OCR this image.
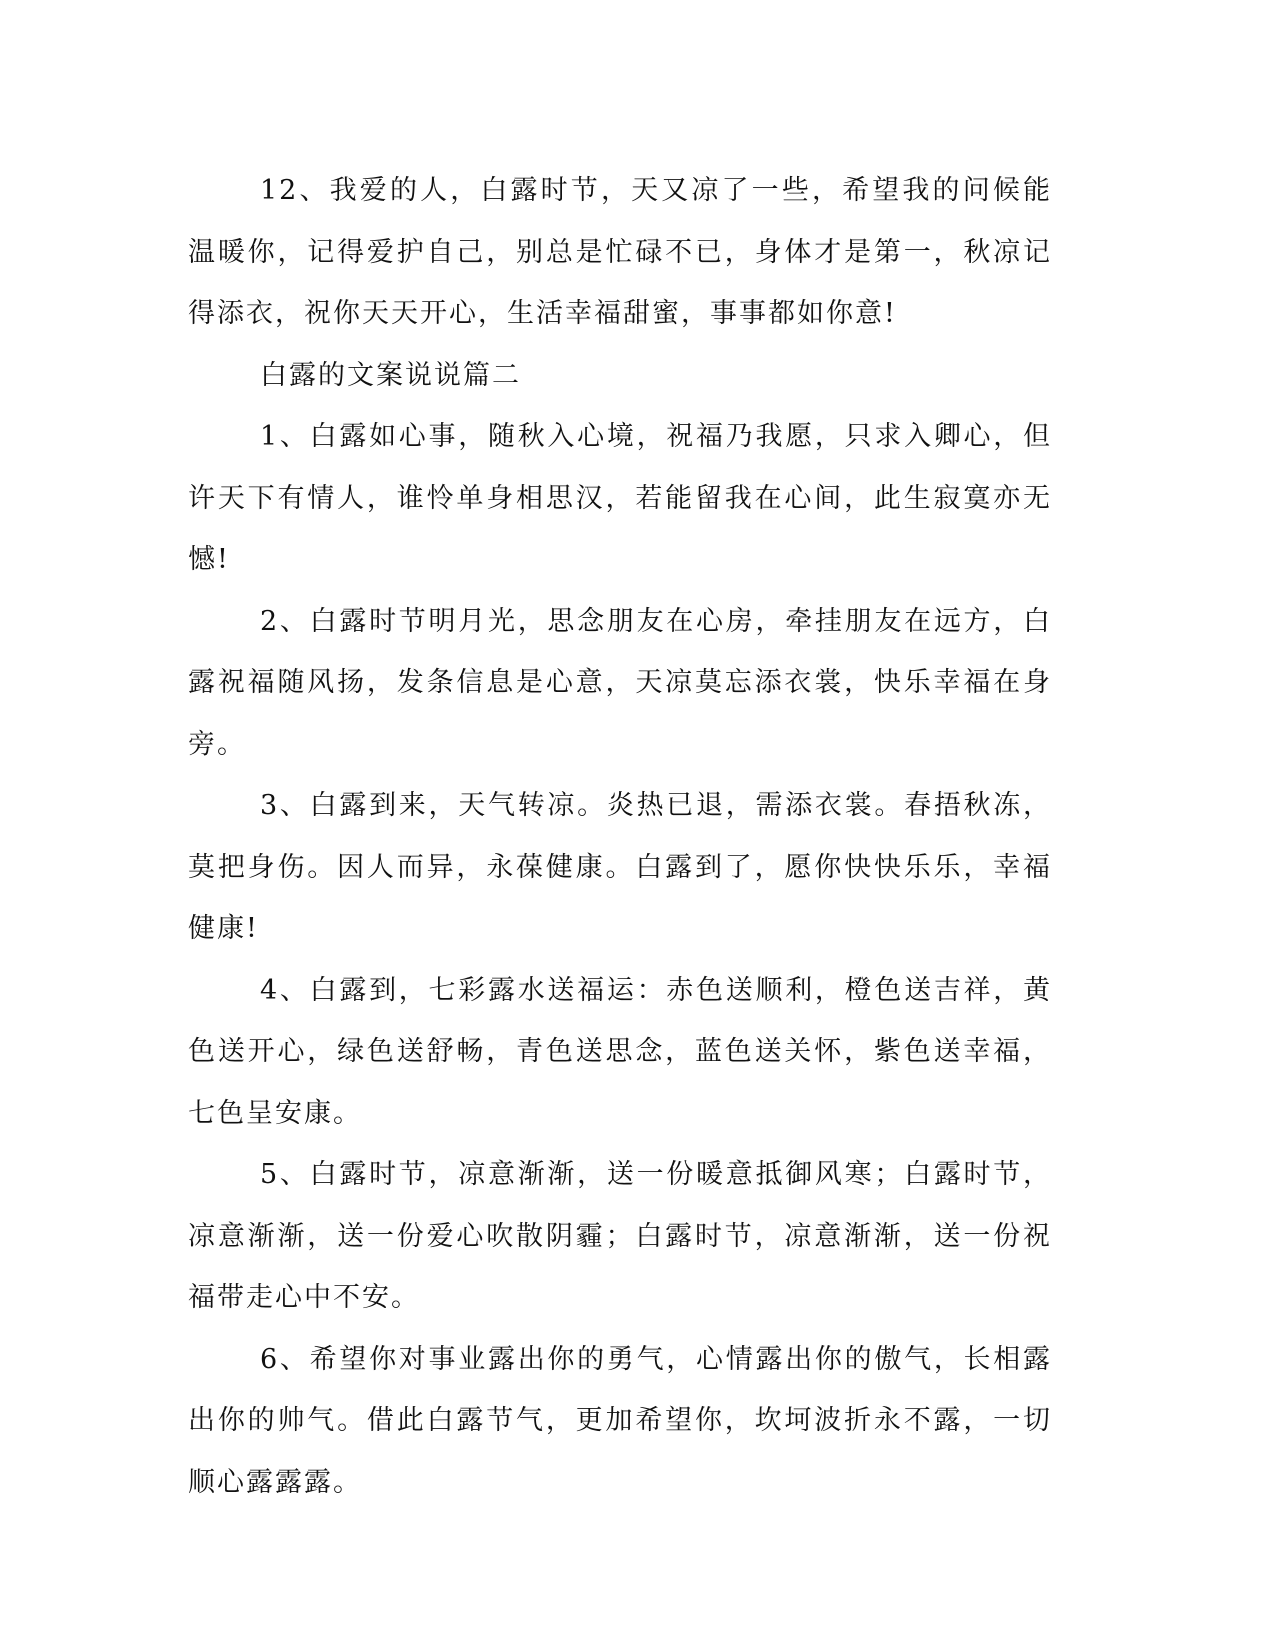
12、我爱的人，白露时节，天又凉了一些，希望我的问候能温暖你，记得爱护自己，别总是忙碌不已，身体才是第一，秋凉记得添衣，祝你天天开心，生活幸福甜蜜，事事都如你意!

白露的文案说说篇二

1、白露如心事，随秋入心境，祝福乃我愿，只求入卿心，但许天下有情人，谁怜单身相思汉，若能留我在心间，此生寂寞亦无憾!

2、白露时节明月光，思念朋友在心房，牵挂朋友在远方，白露祝福随风扬，发条信息是心意，天凉莫忘添衣裳，快乐幸福在身旁。

3、白露到来，天气转凉。炎热已退，需添衣裳。春捂秋冻，莫把身伤。因人而异，永葆健康。白露到了，愿你快快乐乐，幸福健康!

4、白露到，七彩露水送福运：赤色送顺利，橙色送吉祥，黄色送开心，绿色送舒畅，青色送思念，蓝色送关怀，紫色送幸福，七色呈安康。

5、白露时节，凉意渐渐，送一份暖意抵御风寒；白露时节，凉意渐渐，送一份爱心吹散阴霾；白露时节，凉意渐渐，送一份祝福带走心中不安。

6、希望你对事业露出你的勇气，心情露出你的傲气，长相露出你的帅气。借此白露节气，更加希望你，坎坷波折永不露，一切顺心露露露。
